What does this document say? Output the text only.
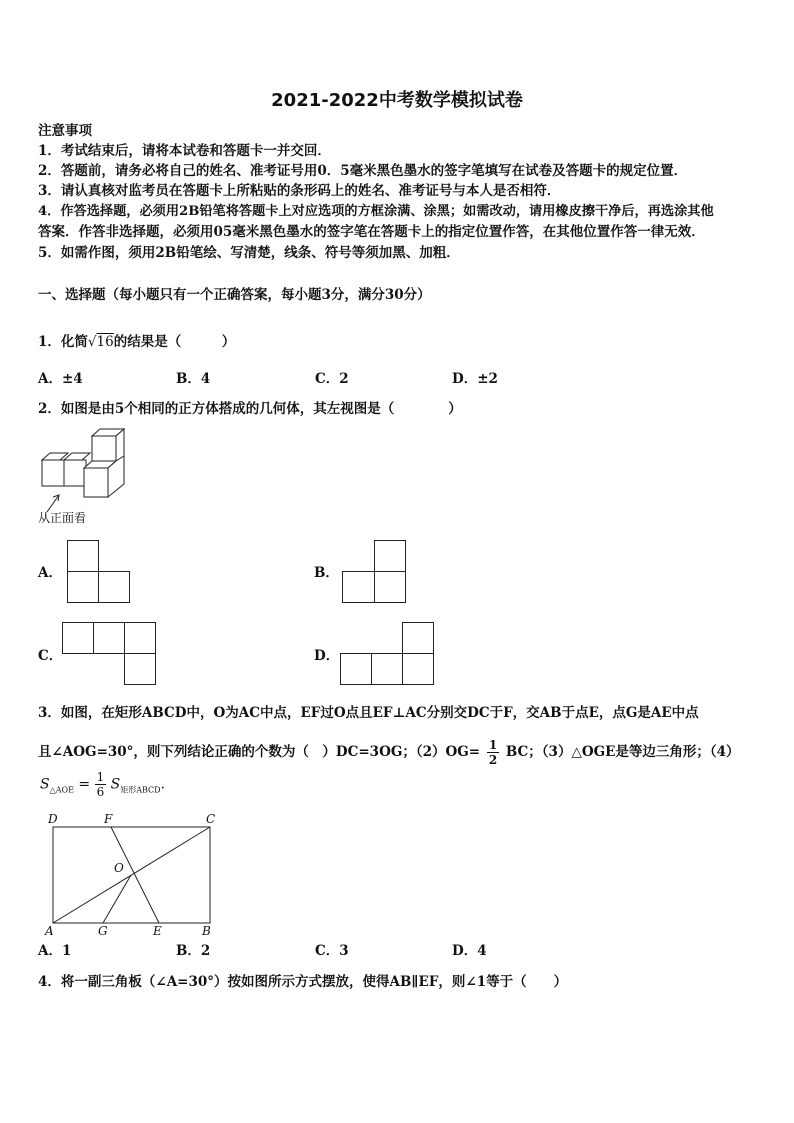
2021-2022中考数学模拟试卷
注意事项
1．考试结束后，请将本试卷和答题卡一并交回．
2．答题前，请务必将自己的姓名、准考证号用0．5毫米黑色墨水的签字笔填写在试卷及答题卡的规定位置．
3．请认真核对监考员在答题卡上所粘贴的条形码上的姓名、准考证号与本人是否相符．
4．作答选择题，必须用2B铅笔将答题卡上对应选项的方框涂满、涂黑；如需改动，请用橡皮擦干净后，再选涂其他
答案．作答非选择题，必须用05毫米黑色墨水的签字笔在答题卡上的指定位置作答，在其他位置作答一律无效．
5．如需作图，须用2B铅笔绘、写清楚，线条、符号等须加黑、加粗．
一、选择题（每小题只有一个正确答案，每小题3分，满分30分）
1．化简√16的结果是（　　　）
A．±4	B．4	C．2	D．±2
2．如图是由5个相同的正方体搭成的几何体，其左视图是（　　　　）
从正面看
A．	B．
C．	D．
3．如图，在矩形ABCD中，O为AC中点，EF过O点且EF⊥AC分别交DC于F，交AB于点E，点G是AE中点
且∠AOG=30°，则下列结论正确的个数为（　）DC=3OG；$(2)OG= \frac{1}{2}$ BC；（3）△OGE是等边三角形；（4）
$S_{\triangle AOE} = \frac{1}{6} S_{矩形ABCD}$．
D	F	C
O
A	G	E	B
A．1	B．2	C．3	D．4
4．将一副三角板（∠A=30°）按如图所示方式摆放，使得AB∥EF，则∠1等于（　　）
